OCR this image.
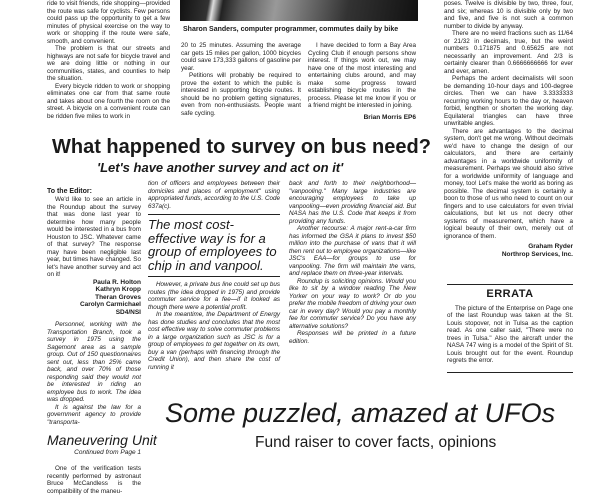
ride to visit friends, ride shopping—provided the route was safe for cyclists. Few persons could pass up the opportunity to get a few minutes of physical exercise on the way to work or shopping if the route were safe, smooth, and convenient.

The problem is that our streets and highways are not safe for bicycle travel and we are doing little or nothing in our communities, states, and counties to help the situation.

Every bicycle ridden to work or shopping eliminates one car from that same route and takes about one fourth the room on the street. A bicycle on a convenient route can be ridden five miles to work in

Sharon Sanders, computer programmer, commutes daily by bike

20 to 25 minutes. Assuming the average car gets 15 miles per gallon, 1000 bicycles could save 173,333 gallons of gasoline per year.

Petitions will probably be required to prove the extent to which the public is interested in supporting bicycle routes. It should be no problem getting signatures, even from non-enthusiasts. People want safe cycling.

I have decided to form a Bay Area Cycling Club if enough persons show interest. If things work out, we may have one of the most interesting and entertaining clubs around, and may make some progress toward establishing bicycle routes in the process. Please let me know if you or a friend might be interested in joining.

Brian Morris EP6

poses. Twelve is divisible by two, three, four, and six; whereas 10 is divisible only by two and five, and five is not such a common number to divide by anyway.

There are no weird fractions such as 11/64 or 21/32 in decimals, true, but the weird numbers 0.171875 and 0.65625 are not necessarily an improvement. And 2/3 is certainly clearer than 0.6666666666 for ever and ever, amen.

Perhaps the ardent decimalists will soon be demanding 10-hour days and 100-degree circles. Then we can have 3.3333333 recurring working hours to the day or, heaven forbid, lengthen or shorten the working day. Equilateral triangles can have three unwritable angles.

There are advantages to the decimal system, don't get me wrong. Without decimals we'd have to change the design of our calculators, and there are certainly advantages in a worldwide uniformity of measurement. Perhaps we should also strive for a worldwide uniformity of language and money, too! Let's make the world as boring as possible. The decimal system is certainly a boon to those of us who need to count on our fingers and to use calculators for even trivial calculations, but let us not decry other systems of measurement, which have a logical beauty of their own, merely out of ignorance of them.

Graham Ryder
Northrop Services, Inc.
ERRATA

The picture of the Enterprise on Page one of the last Roundup was taken at the St. Louis stopover, not in Tulsa as the caption read. As one caller said, "There were no trees in Tulsa." Also the aircraft under the NASA 747 wing is a model of the Spirit of St. Louis brought out for the event. Roundup regrets the error.

What happened to survey on bus need?
'Let's have another survey and act on it'
To the Editor:

We'd like to see an article in the Roundup about the survey that was done last year to determine how many people would be interested in a bus from Houston to JSC. Whatever came of that survey? The response may have been negligible last year, but times have changed. So let's have another survey and act on it!

Paula R. Holton
Kathryn Kropp
Theran Groves
Carolyn Carmichael
SD4/NSI

Personnel, working with the Transportation Branch, took a survey in 1975 using the Sagemont area as a sample group. Out of 150 questionnaires sent out, less than 25% came back, and over 70% of those responding said they would not be interested in riding an employee bus to work. The idea was dropped.

It is against the law for a government agency to provide "transporta-

Maneuvering Unit
Continued from Page 1

One of the verification tests recently performed by astronaut Bruce McCandless is the compatibility of the maneu-

tion of officers and employees between their domiciles and places of employment" using appropriated funds, according to the U.S. Code 637a(c).

The most cost-effective way is for a group of employees to chip in and vanpool.

However, a private bus line could set up bus routes (the idea dropped in 1975) and provide commuter service for a fee—if it looked as though there were a potential profit.

In the meantime, the Department of Energy has done studies and concludes that the most cost effective way to solve commuter problems in a large organization such as JSC is for a group of employees to get together on its own, buy a van (perhaps with financing through the Credit Union), and then share the cost of running it

back and forth to their neighborhood— "vanpooling." Many large industries are encouraging employees to take up vanpooling—even providing financial aid. But NASA has the U.S. Code that keeps it from providing any funds.

Another recourse: A major rent-a-car firm has informed the GSA it plans to invest $50 million into the purchase of vans that it will then rent out to employee organizations—like JSC's EAA—for groups to use for vanpooling. The firm will maintain the vans, and replace them on three-year intervals.

Roundup is soliciting opinions. Would you like to sit by a window reading The New Yorker on your way to work? Or do you prefer the mobile freedom of driving your own car in every day? Would you pay a monthly fee for commuter service? Do you have any alternative solutions?

Responses will be printed in a future edition.

Some puzzled, amazed at UFOs
Fund raiser to cover facts, opinions
